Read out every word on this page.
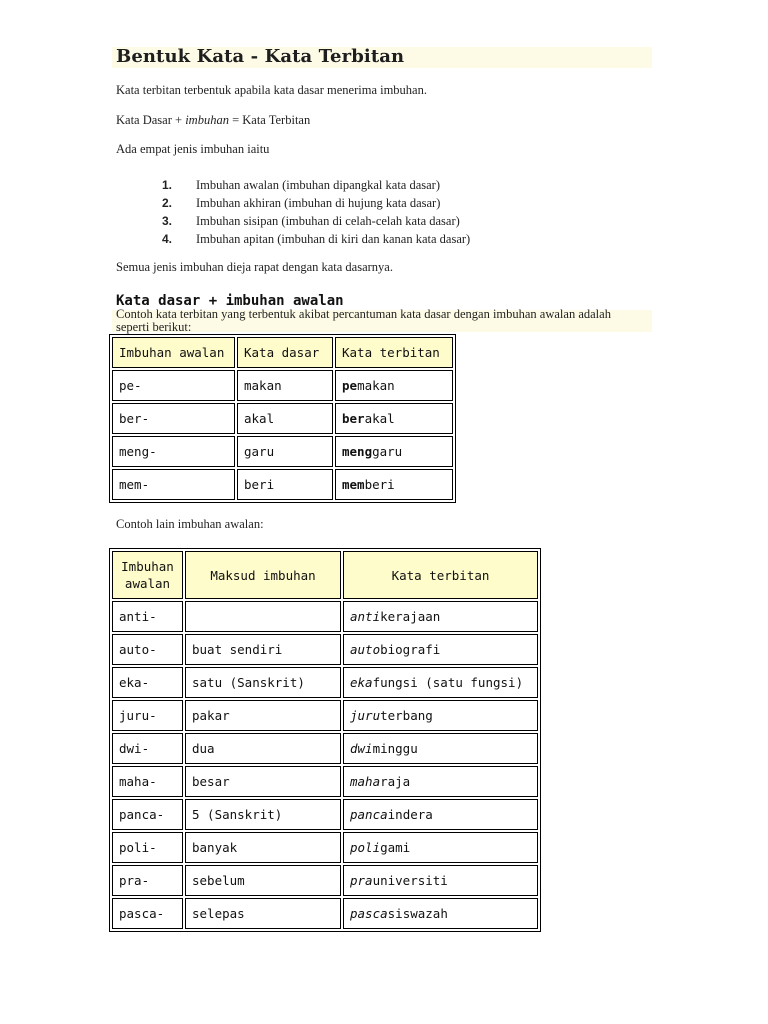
Bentuk Kata - Kata Terbitan

Kata terbitan terbentuk apabila kata dasar menerima imbuhan.

Kata Dasar + imbuhan = Kata Terbitan

Ada empat jenis imbuhan iaitu

1.	Imbuhan awalan (imbuhan dipangkal kata dasar)
2.	Imbuhan akhiran (imbuhan di hujung kata dasar)
3.	Imbuhan sisipan (imbuhan di celah-celah kata dasar)
4.	Imbuhan apitan (imbuhan di kiri dan kanan kata dasar)

Semua jenis imbuhan dieja rapat dengan kata dasarnya.

Kata dasar + imbuhan awalan

Contoh kata terbitan yang terbentuk akibat percantuman kata dasar dengan imbuhan awalan adalah seperti berikut:

Imbuhan awalan	Kata dasar	Kata terbitan
pe-	makan	pemakan
ber-	akal	berakal
meng-	garu	menggaru
mem-	beri	memberi

Contoh lain imbuhan awalan:

Imbuhan awalan	Maksud imbuhan	Kata terbitan
anti-		antikerajaan
auto-	buat sendiri	autobiografi
eka-	satu (Sanskrit)	ekafungsi (satu fungsi)
juru-	pakar	juruterbang
dwi-	dua	dwiminggu
maha-	besar	maharaja
panca-	5 (Sanskrit)	pancaindera
poli-	banyak	poligami
pra-	sebelum	prauniversiti
pasca-	selepas	pascasiswazah
